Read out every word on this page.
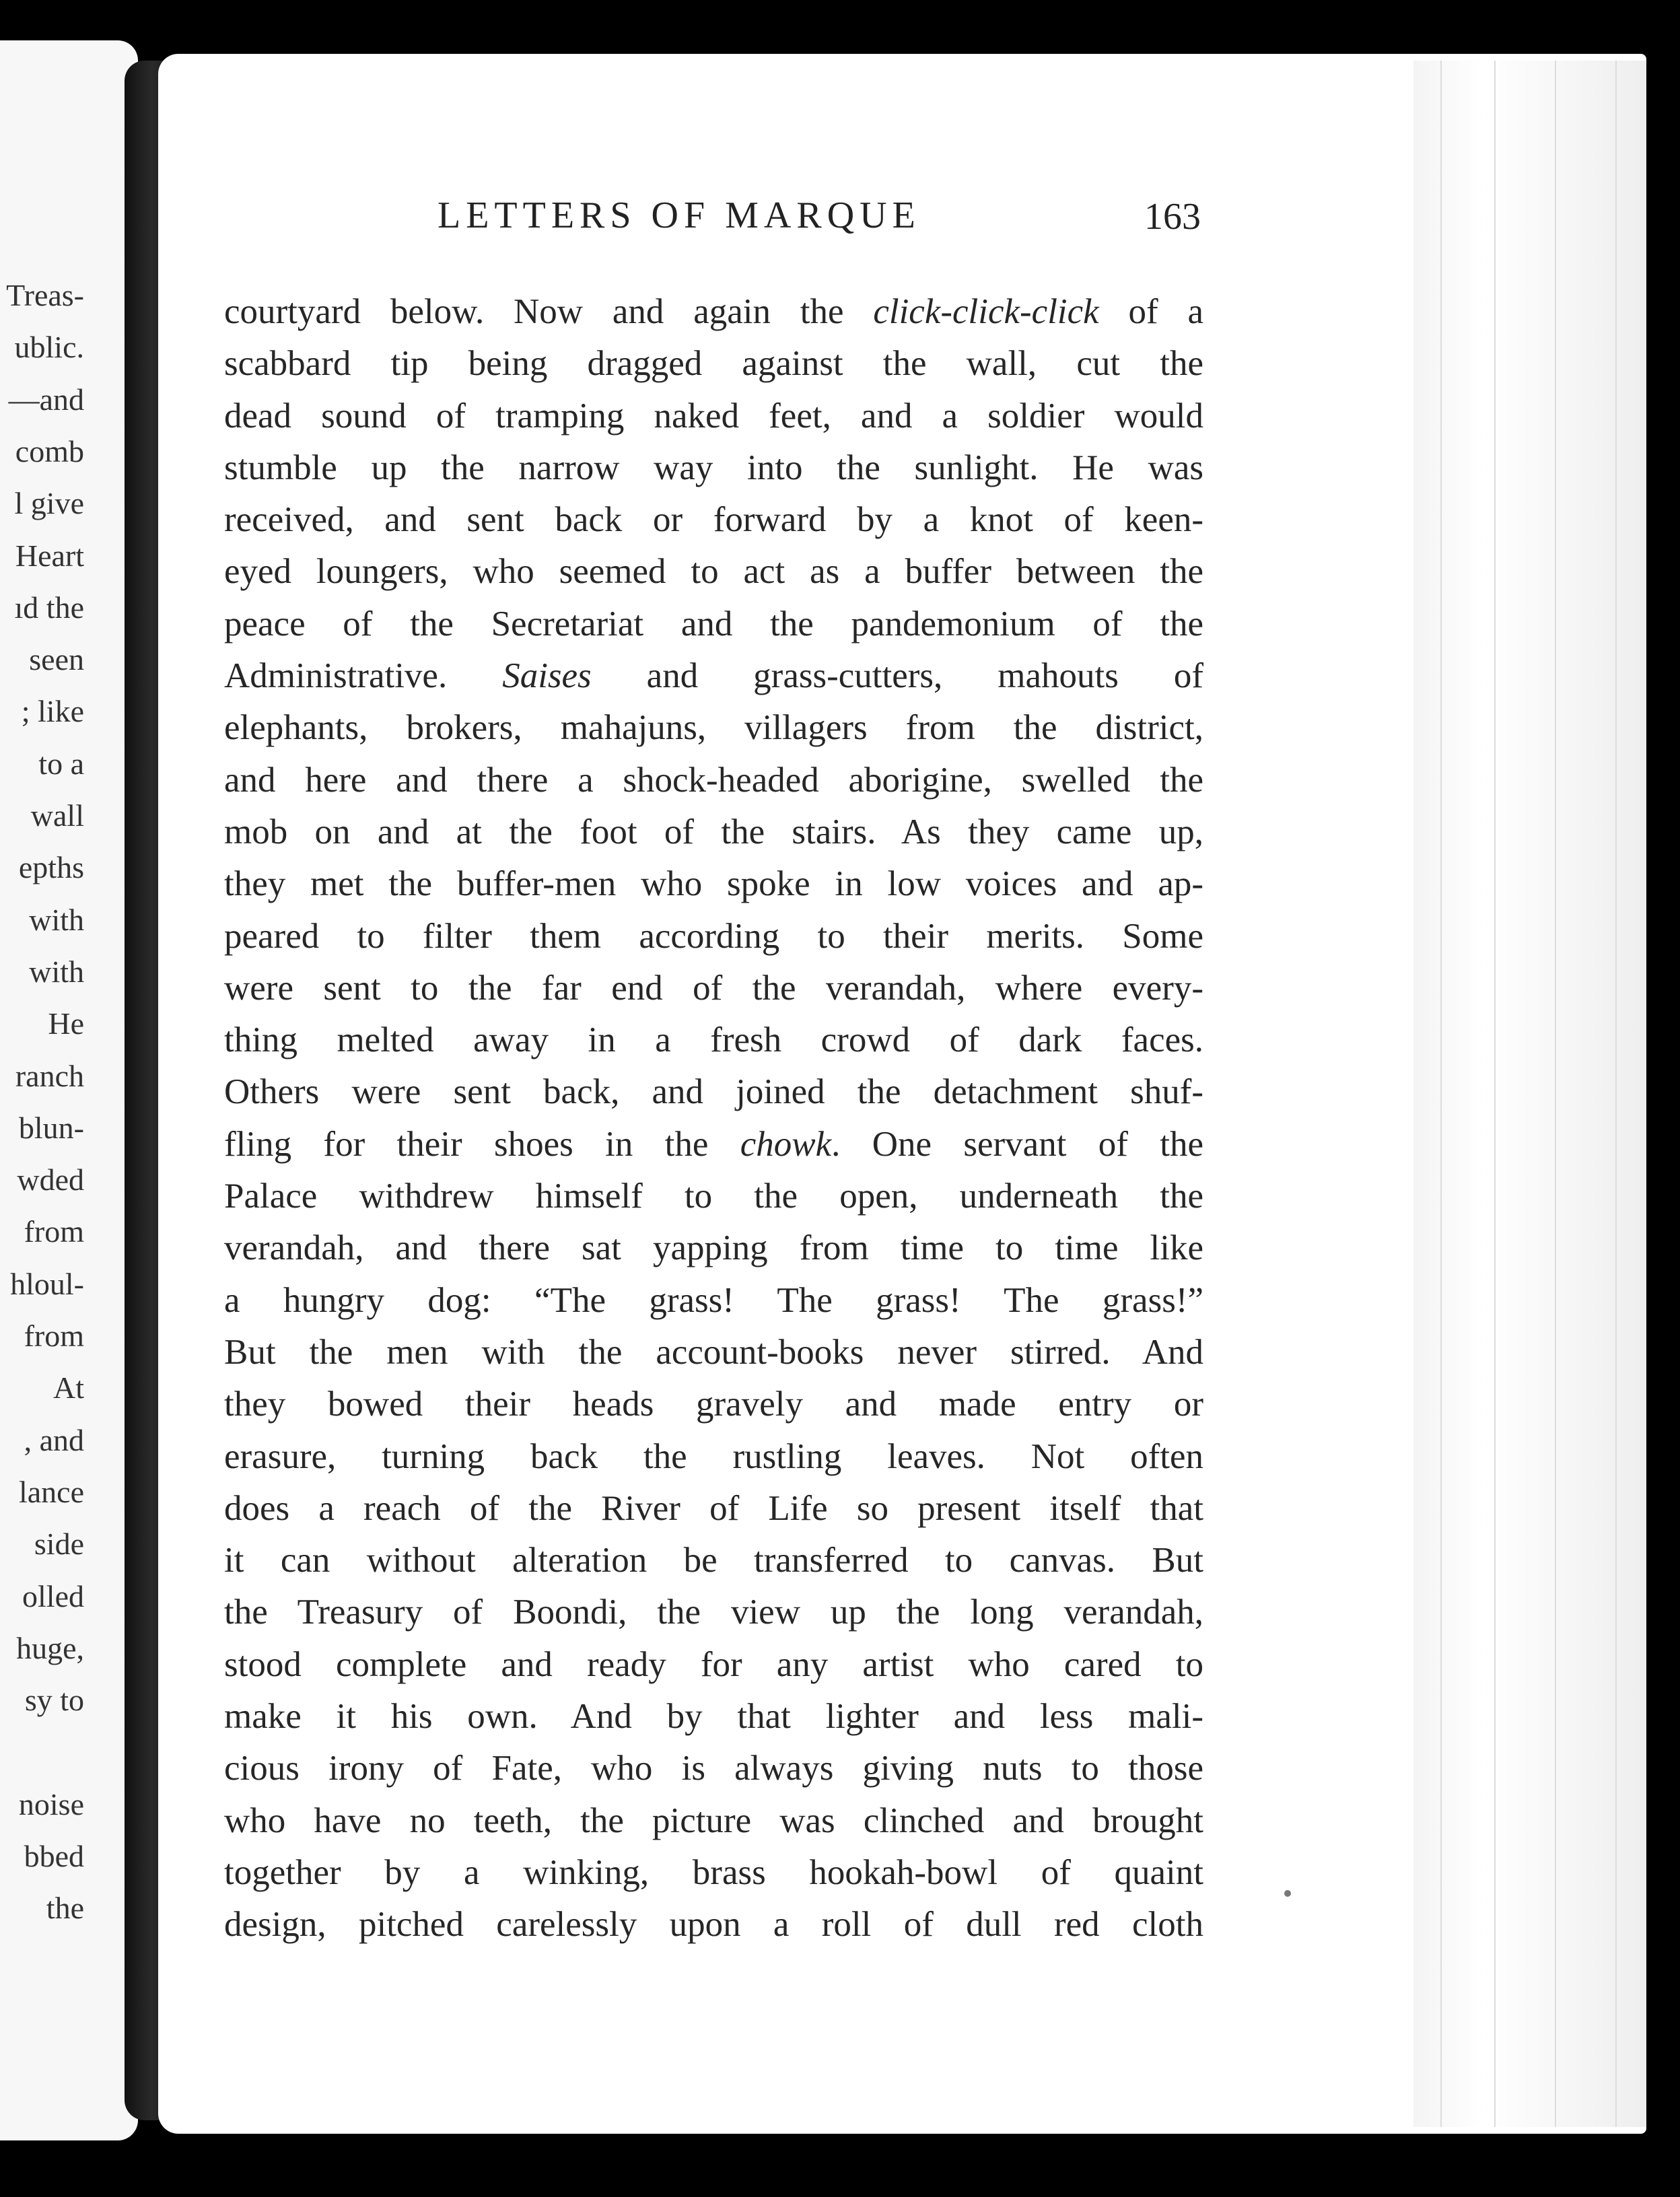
Treas-
ublic.
—and
comb
l give
Heart
ıd the
seen
; like
to a
wall
epths
with
with
He
ranch
blun-
wded
from
hloul-
from
At
, and
lance
side
olled
huge,
sy to
noise
bbed
the
LETTERS OF MARQUE	163
courtyard below. Now and again the click-click-click of a
scabbard tip being dragged against the wall, cut the
dead sound of tramping naked feet, and a soldier would
stumble up the narrow way into the sunlight. He was
received, and sent back or forward by a knot of keen-
eyed loungers, who seemed to act as a buffer between the
peace of the Secretariat and the pandemonium of the
Administrative. Saises and grass-cutters, mahouts of
elephants, brokers, mahajuns, villagers from the district,
and here and there a shock-headed aborigine, swelled the
mob on and at the foot of the stairs. As they came up,
they met the buffer-men who spoke in low voices and ap-
peared to filter them according to their merits. Some
were sent to the far end of the verandah, where every-
thing melted away in a fresh crowd of dark faces.
Others were sent back, and joined the detachment shuf-
fling for their shoes in the chowk. One servant of the
Palace withdrew himself to the open, underneath the
verandah, and there sat yapping from time to time like
a hungry dog: “The grass! The grass! The grass!”
But the men with the account-books never stirred. And
they bowed their heads gravely and made entry or
erasure, turning back the rustling leaves. Not often
does a reach of the River of Life so present itself that
it can without alteration be transferred to canvas. But
the Treasury of Boondi, the view up the long verandah,
stood complete and ready for any artist who cared to
make it his own. And by that lighter and less mali-
cious irony of Fate, who is always giving nuts to those
who have no teeth, the picture was clinched and brought
together by a winking, brass hookah-bowl of quaint
design, pitched carelessly upon a roll of dull red cloth
